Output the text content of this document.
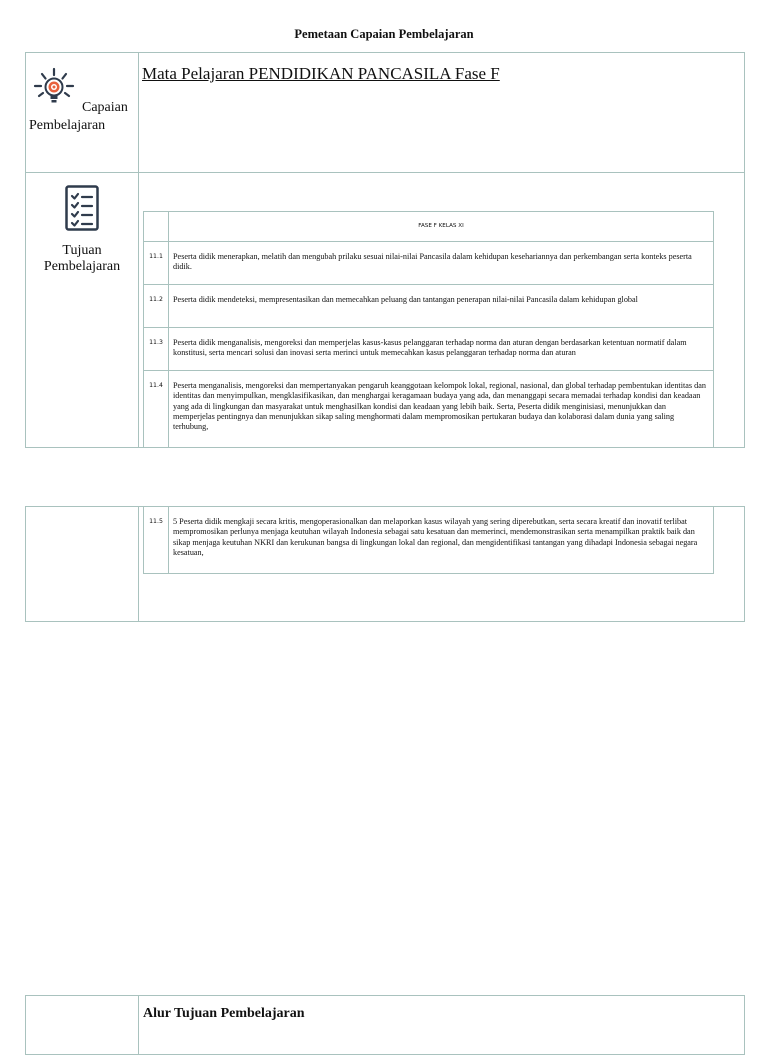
Pemetaan Capaian Pembelajaran
Capaian
Pembelajaran
Mata Pelajaran PENDIDIKAN PANCASILA Fase F
Tujuan Pembelajaran
	FASE F KELAS XI
11.1	Peserta didik menerapkan, melatih dan mengubah prilaku sesuai nilai-nilai Pancasila dalam kehidupan kesehariannya dan perkembangan serta konteks peserta didik.
11.2	Peserta didik mendeteksi, mempresentasikan dan memecahkan peluang dan tantangan penerapan nilai-nilai Pancasila dalam kehidupan global
11.3	Peserta didik menganalisis, mengoreksi dan memperjelas kasus-kasus pelanggaran terhadap norma dan aturan dengan berdasarkan ketentuan normatif dalam konstitusi, serta mencari solusi dan inovasi serta merinci untuk memecahkan kasus pelanggaran terhadap norma dan aturan
11.4	Peserta menganalisis, mengoreksi dan mempertanyakan pengaruh keanggotaan kelompok lokal, regional, nasional, dan global terhadap pembentukan identitas dan identitas dan menyimpulkan, mengklasifikasikan, dan menghargai keragamaan budaya yang ada, dan menanggapi secara memadai terhadap kondisi dan keadaan yang ada di lingkungan dan masyarakat untuk menghasilkan kondisi dan keadaan yang lebih baik. Serta, Peserta didik menginisiasi, menunjukkan dan memperjelas pentingnya dan menunjukkan sikap saling menghormati dalam mempromosikan pertukaran budaya dan kolaborasi dalam dunia yang saling terhubung,
11.5	5 Peserta didik mengkaji secara kritis, mengoperasionalkan dan melaporkan kasus wilayah yang sering diperebutkan, serta secara kreatif dan inovatif terlibat mempromosikan perlunya menjaga keutuhan wilayah Indonesia sebagai satu kesatuan dan memerinci, mendemonstrasikan serta menampilkan praktik baik dan sikap menjaga keutuhan NKRI dan kerukunan bangsa di lingkungan lokal dan regional, dan mengidentifikasi tantangan yang dihadapi Indonesia sebagai negara kesatuan,
Alur Tujuan Pembelajaran
